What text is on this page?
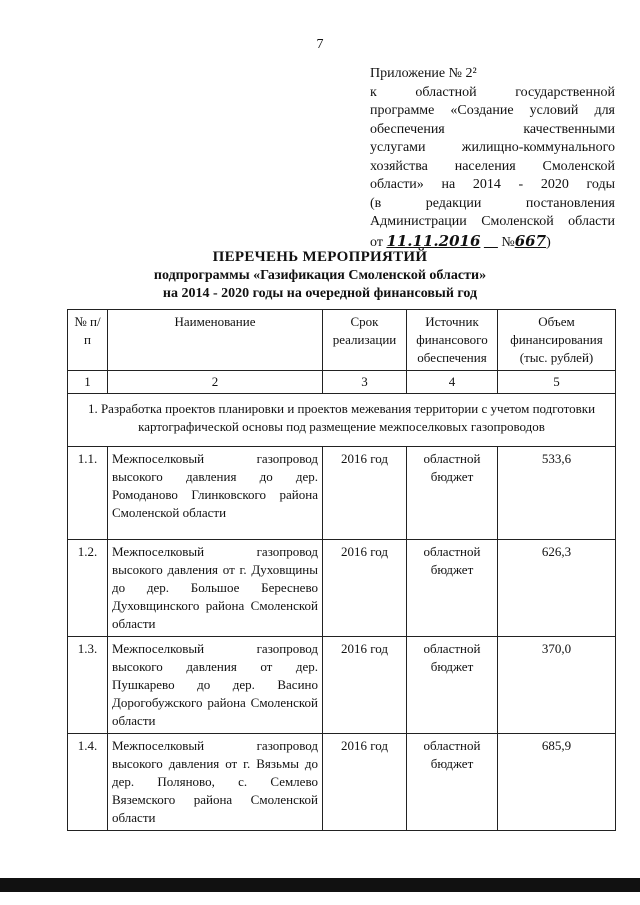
7
Приложение № 2²
к областной государственной
программе «Создание условий для
обеспечения качественными
услугами жилищно-коммунального
хозяйства населения Смоленской
области» на 2014 - 2020 годы
(в редакции постановления
Администрации Смоленской области
от 11.11.2016 №667)
ПЕРЕЧЕНЬ МЕРОПРИЯТИЙ
подпрограммы «Газификация Смоленской области»
на 2014 - 2020 годы на очередной финансовый год
№ п/п	Наименование	Срок реализации	Источник финансового обеспечения	Объем финансирования (тыс. рублей)
1	2	3	4	5
1. Разработка проектов планировки и проектов межевания территории с учетом подготовки картографической основы под размещение межпоселковых газопроводов				
1.1.	Межпоселковый газопровод высокого давления до дер. Ромоданово Глинковского района Смоленской области	2016 год	областной бюджет	533,6
1.2.	Межпоселковый газопровод высокого давления от г. Духовщины до дер. Большое Береснево Духовщинского района Смоленской области	2016 год	областной бюджет	626,3
1.3.	Межпоселковый газопровод высокого давления от дер. Пушкарево до дер. Васино Дорогобужского района Смоленской области	2016 год	областной бюджет	370,0
1.4.	Межпоселковый газопровод высокого давления от г. Вязьмы до дер. Поляново, с. Семлево Вяземского района Смоленской области	2016 год	областной бюджет	685,9
